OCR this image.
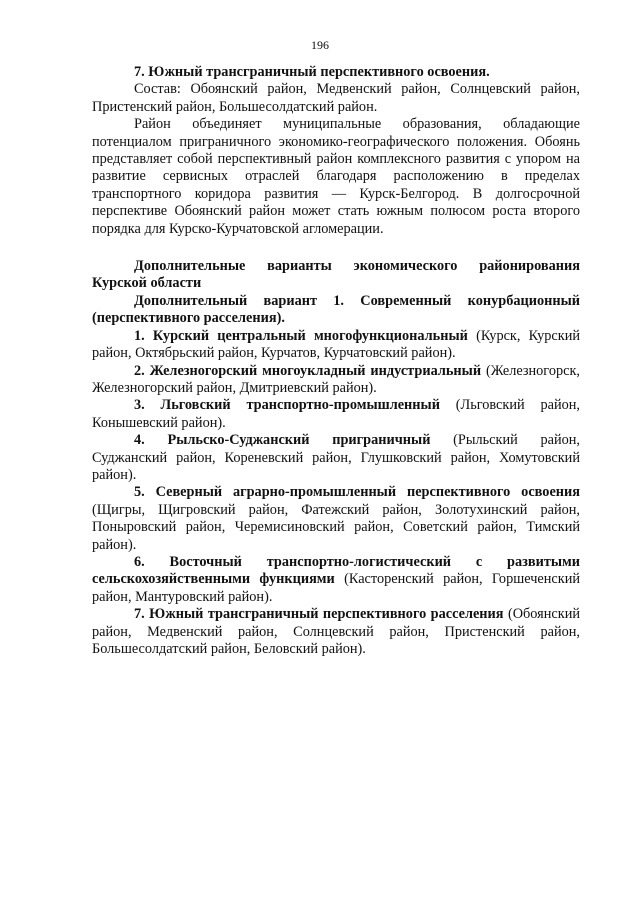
196

7. Южный трансграничный перспективного освоения.

Состав: Обоянский район, Медвенский район, Солнцевский район, Пристенский район, Большесолдатский район.

Район объединяет муниципальные образования, обладающие потенциалом приграничного экономико-географического положения. Обоянь представляет собой перспективный район комплексного развития с упором на развитие сервисных отраслей благодаря расположению в пределах транспортного коридора развития — Курск-Белгород. В долгосрочной перспективе Обоянский район может стать южным полюсом роста второго порядка для Курско-Курчатовской агломерации.

Дополнительные варианты экономического районирования Курской области

Дополнительный вариант 1. Современный конурбационный (перспективного расселения).

1. Курский центральный многофункциональный (Курск, Курский район, Октябрьский район, Курчатов, Курчатовский район).

2. Железногорский многоукладный индустриальный (Железногорск, Железногорский район, Дмитриевский район).

3. Льговский транспортно-промышленный (Льговский район, Конышевский район).

4. Рыльско-Суджанский приграничный (Рыльский район, Суджанский район, Кореневский район, Глушковский район, Хомутовский район).

5. Северный аграрно-промышленный перспективного освоения (Щигры, Щигровский район, Фатежский район, Золотухинский район, Поныровский район, Черемисиновский район, Советский район, Тимский район).

6. Восточный транспортно-логистический с развитыми сельскохозяйственными функциями (Касторенский район, Горшеченский район, Мантуровский район).

7. Южный трансграничный перспективного расселения (Обоянский район, Медвенский район, Солнцевский район, Пристенский район, Большесолдатский район, Беловский район).
